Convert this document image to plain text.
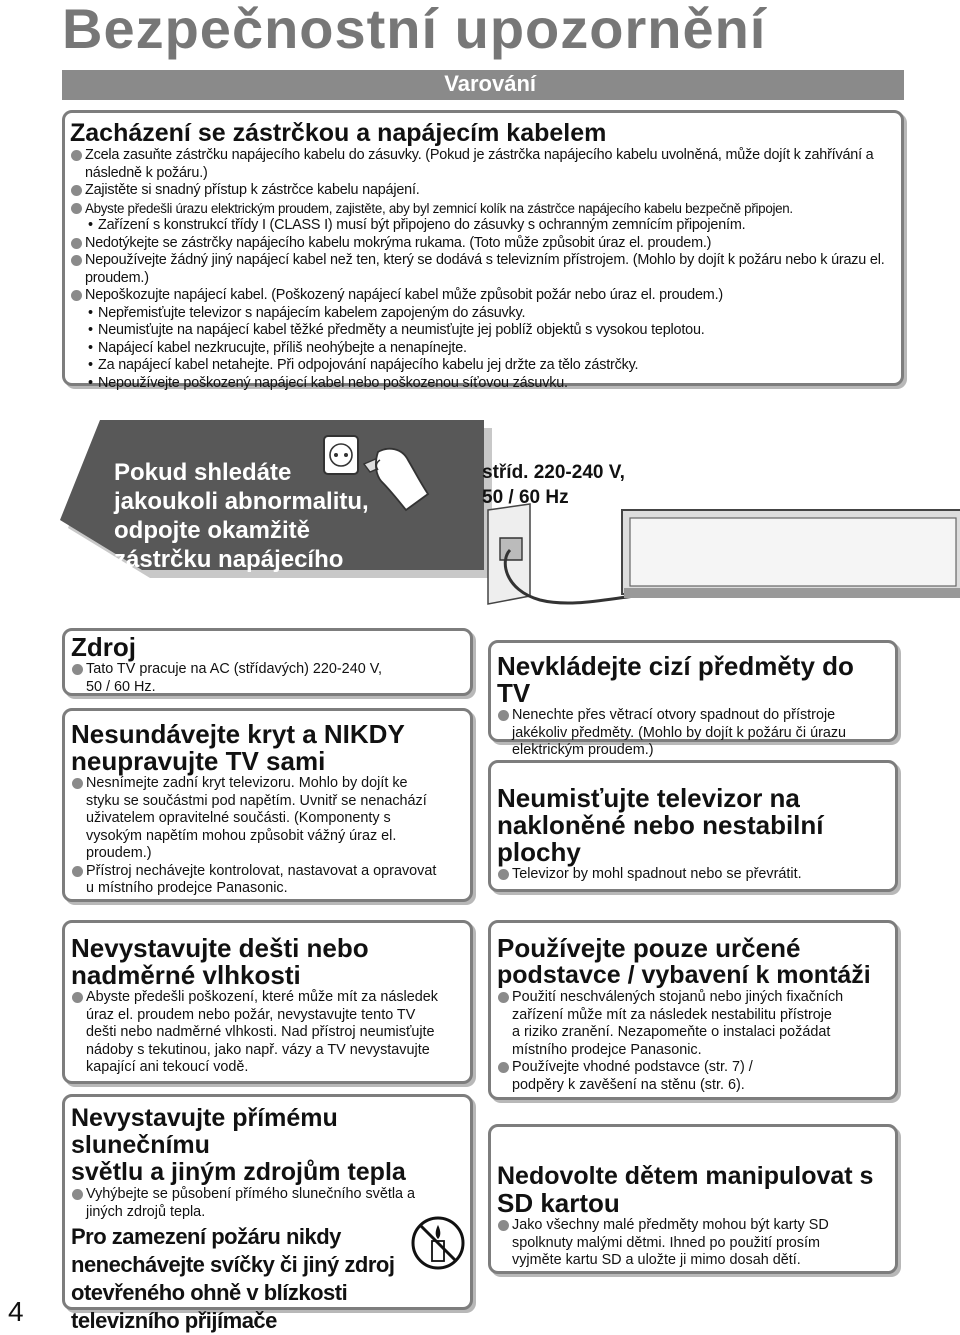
Bezpečnostní upozornění
Varování
Zacházení se zástrčkou a napájecím kabelem
Zcela zasuňte zástrčku napájecího kabelu do zásuvky. (Pokud je zástrčka napájecího kabelu uvolněná, může dojít k zahřívání a následně k požáru.)
Zajistěte si snadný přístup k zástrčce kabelu napájení.
Abyste předešli úrazu elektrickým proudem, zajistěte, aby byl zemnicí kolík na zástrčce napájecího kabelu bezpečně připojen.
• Zařízení s konstrukcí třídy I (CLASS I) musí být připojeno do zásuvky s ochranným zemnícím připojením.
Nedotýkejte se zástrčky napájecího kabelu mokrýma rukama. (Toto může způsobit úraz el. proudem.)
Nepoužívejte žádný jiný napájecí kabel než ten, který se dodává s televizním přístrojem. (Mohlo by dojít k požáru nebo k úrazu el. proudem.)
Nepoškozujte napájecí kabel. (Poškozený napájecí kabel může způsobit požár nebo úraz el. proudem.)
• Nepřemisťujte televizor s napájecím kabelem zapojeným do zásuvky.
• Neumisťujte na napájecí kabel těžké předměty a neumisťujte jej poblíž objektů s vysokou teplotou.
• Napájecí kabel nezkrucujte, příliš neohýbejte a nenapínejte.
• Za napájecí kabel netahejte. Při odpojování napájecího kabelu jej držte za tělo zástrčky.
• Nepoužívejte poškozený napájecí kabel nebo poškozenou síťovou zásuvku.
Pokud shledáte
jakoukoli abnormalitu,
odpojte okamžitě
zástrčku napájecího kabelu!
stříd. 220-240 V,
50 / 60 Hz
Zdroj
Tato TV pracuje na AC (střídavých) 220-240 V,
50 / 60 Hz.
Nesundávejte kryt a NIKDY
neupravujte TV sami
Nesnímejte zadní kryt televizoru. Mohlo by dojít ke
styku se součástmi pod napětím. Uvnitř se nenachází
uživatelem opravitelné součásti. (Komponenty s
vysokým napětím mohou způsobit vážný úraz el.
proudem.)
Přístroj nechávejte kontrolovat, nastavovat a opravovat
u místního prodejce Panasonic.
Nevkládejte cizí předměty do TV
Nenechte přes větrací otvory spadnout do přístroje
jakékoliv předměty. (Mohlo by dojít k požáru či úrazu
elektrickým proudem.)
Neumisťujte televizor na
nakloněné nebo nestabilní
plochy
Televizor by mohl spadnout nebo se převrátit.
Nevystavujte dešti nebo
nadměrné vlhkosti
Abyste předešli poškození, které může mít za následek
úraz el. proudem nebo požár, nevystavujte tento TV
dešti nebo nadměrné vlhkosti. Nad přístroj neumisťujte
nádoby s tekutinou, jako např. vázy a TV nevystavujte
kapající ani tekoucí vodě.
Používejte pouze určené
podstavce / vybavení k montáži
Použití neschválených stojanů nebo jiných fixačních
zařízení může mít za následek nestabilitu přístroje
a riziko zranění. Nezapomeňte o instalaci požádat
místního prodejce Panasonic.
Používejte vhodné podstavce (str. 7) /
podpěry k zavěšení na stěnu (str. 6).
Nevystavujte přímému slunečnímu
světlu a jiným zdrojům tepla
Vyhýbejte se působení přímého slunečního světla a
jiných zdrojů tepla.
Pro zamezení požáru nikdy
nenechávejte svíčky či jiný zdroj
otevřeného ohně v blízkosti
televizního přijímače
Nedovolte dětem manipulovat s
SD kartou
Jako všechny malé předměty mohou být karty SD
spolknuty malými dětmi. Ihned po použití prosím
vyjměte kartu SD a uložte ji mimo dosah dětí.
4
